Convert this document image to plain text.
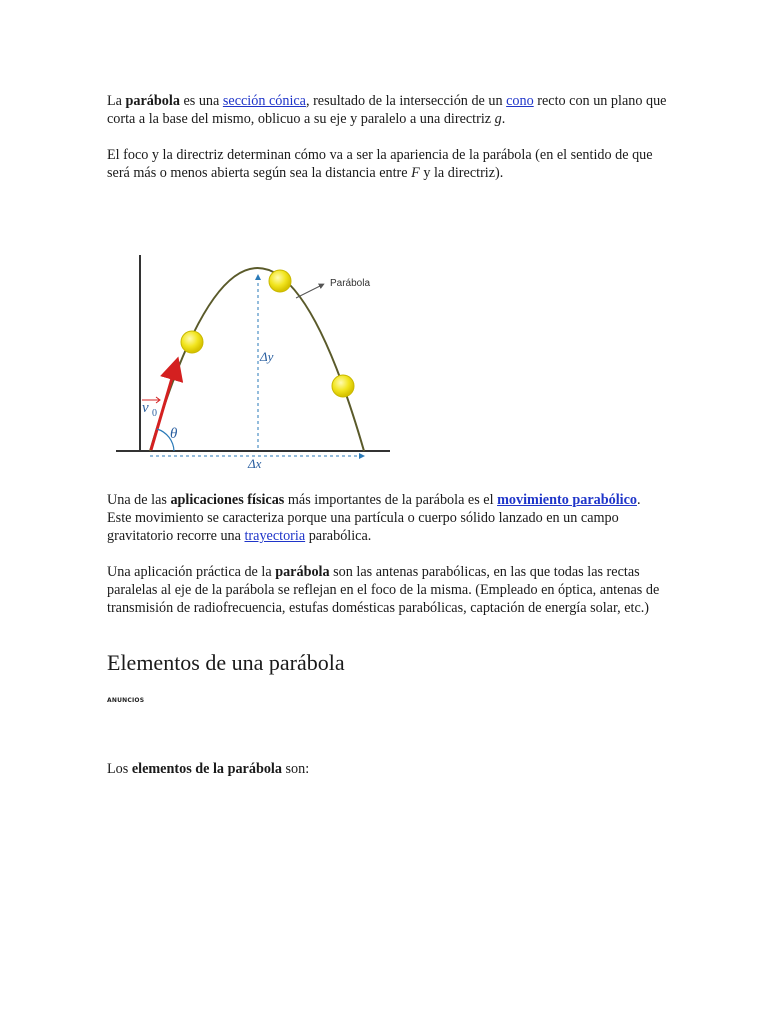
La parábola es una sección cónica, resultado de la intersección de un cono recto con un plano que corta a la base del mismo, oblicuo a su eje y paralelo a una directriz g.

El foco y la directriz determinan cómo va a ser la apariencia de la parábola (en el sentido de que será más o menos abierta según sea la distancia entre F y la directriz).

Parábola
v 0
θ
Δy
Δx

Una de las aplicaciones físicas más importantes de la parábola es el movimiento parabólico. Este movimiento se caracteriza porque una partícula o cuerpo sólido lanzado en un campo gravitatorio recorre una trayectoria parabólica.

Una aplicación práctica de la parábola son las antenas parabólicas, en las que todas las rectas paralelas al eje de la parábola se reflejan en el foco de la misma. (Empleado en óptica, antenas de transmisión de radiofrecuencia, estufas domésticas parabólicas, captación de energía solar, etc.)

Elementos de una parábola
ANUNCIOS

Los elementos de la parábola son:
